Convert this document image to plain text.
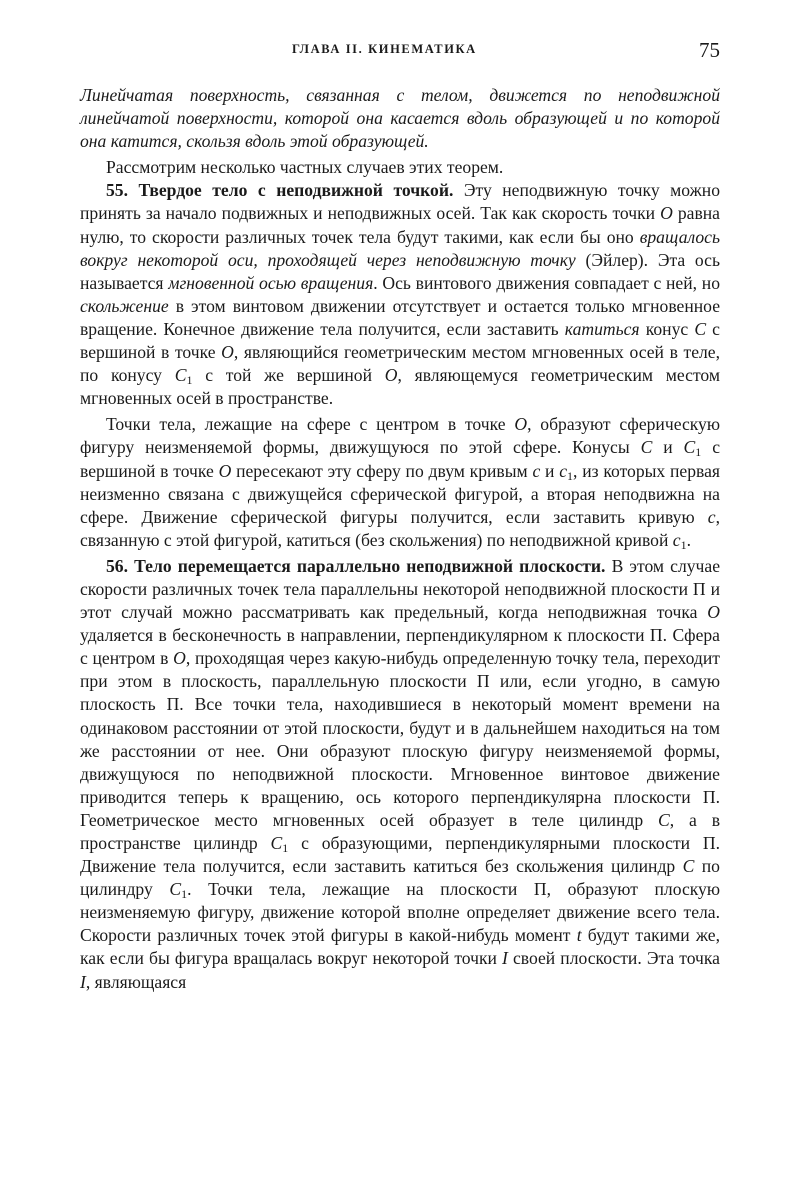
ГЛАВА II. КИНЕМАТИКА	75

Линейчатая поверхность, связанная с телом, движется по неподвижной линейчатой поверхности, которой она касается вдоль образующей и по которой она катится, скользя вдоль этой образующей.

Рассмотрим несколько частных случаев этих теорем.

55. Твердое тело с неподвижной точкой. Эту неподвижную точку можно принять за начало подвижных и неподвижных осей. Так как скорость точки O равна нулю, то скорости различных точек тела будут такими, как если бы оно вращалось вокруг некоторой оси, проходящей через неподвижную точку (Эйлер). Эта ось называется мгновенной осью вращения. Ось винтового движения совпадает с ней, но скольжение в этом винтовом движении отсутствует и остается только мгновенное вращение. Конечное движение тела получится, если заставить катиться конус C с вершиной в точке O, являющийся геометрическим местом мгновенных осей в теле, по конусу $C_1$ с той же вершиной O, являющемуся геометрическим местом мгновенных осей в пространстве.

Точки тела, лежащие на сфере с центром в точке O, образуют сферическую фигуру неизменяемой формы, движущуюся по этой сфере. Конусы C и $C_1$ с вершиной в точке O пересекают эту сферу по двум кривым c и $c_1$, из которых первая неизменно связана с движущейся сферической фигурой, а вторая неподвижна на сфере. Движение сферической фигуры получится, если заставить кривую c, связанную с этой фигурой, катиться (без скольжения) по неподвижной кривой $c_1$.

56. Тело перемещается параллельно неподвижной плоскости. В этом случае скорости различных точек тела параллельны некоторой неподвижной плоскости П и этот случай можно рассматривать как предельный, когда неподвижная точка O удаляется в бесконечность в направлении, перпендикулярном к плоскости П. Сфера с центром в O, проходящая через какую-нибудь определенную точку тела, переходит при этом в плоскость, параллельную плоскости П или, если угодно, в самую плоскость П. Все точки тела, находившиеся в некоторый момент времени на одинаковом расстоянии от этой плоскости, будут и в дальнейшем находиться на том же расстоянии от нее. Они образуют плоскую фигуру неизменяемой формы, движущуюся по неподвижной плоскости. Мгновенное винтовое движение приводится теперь к вращению, ось которого перпендикулярна плоскости П. Геометрическое место мгновенных осей образует в теле цилиндр C, а в пространстве цилиндр $C_1$ с образующими, перпендикулярными плоскости П. Движение тела получится, если заставить катиться без скольжения цилиндр C по цилиндру $C_1$. Точки тела, лежащие на плоскости П, образуют плоскую неизменяемую фигуру, движение которой вполне определяет движение всего тела. Скорости различных точек этой фигуры в какой-нибудь момент t будут такими же, как если бы фигура вращалась вокруг некоторой точки I своей плоскости. Эта точка I, являющаяся
